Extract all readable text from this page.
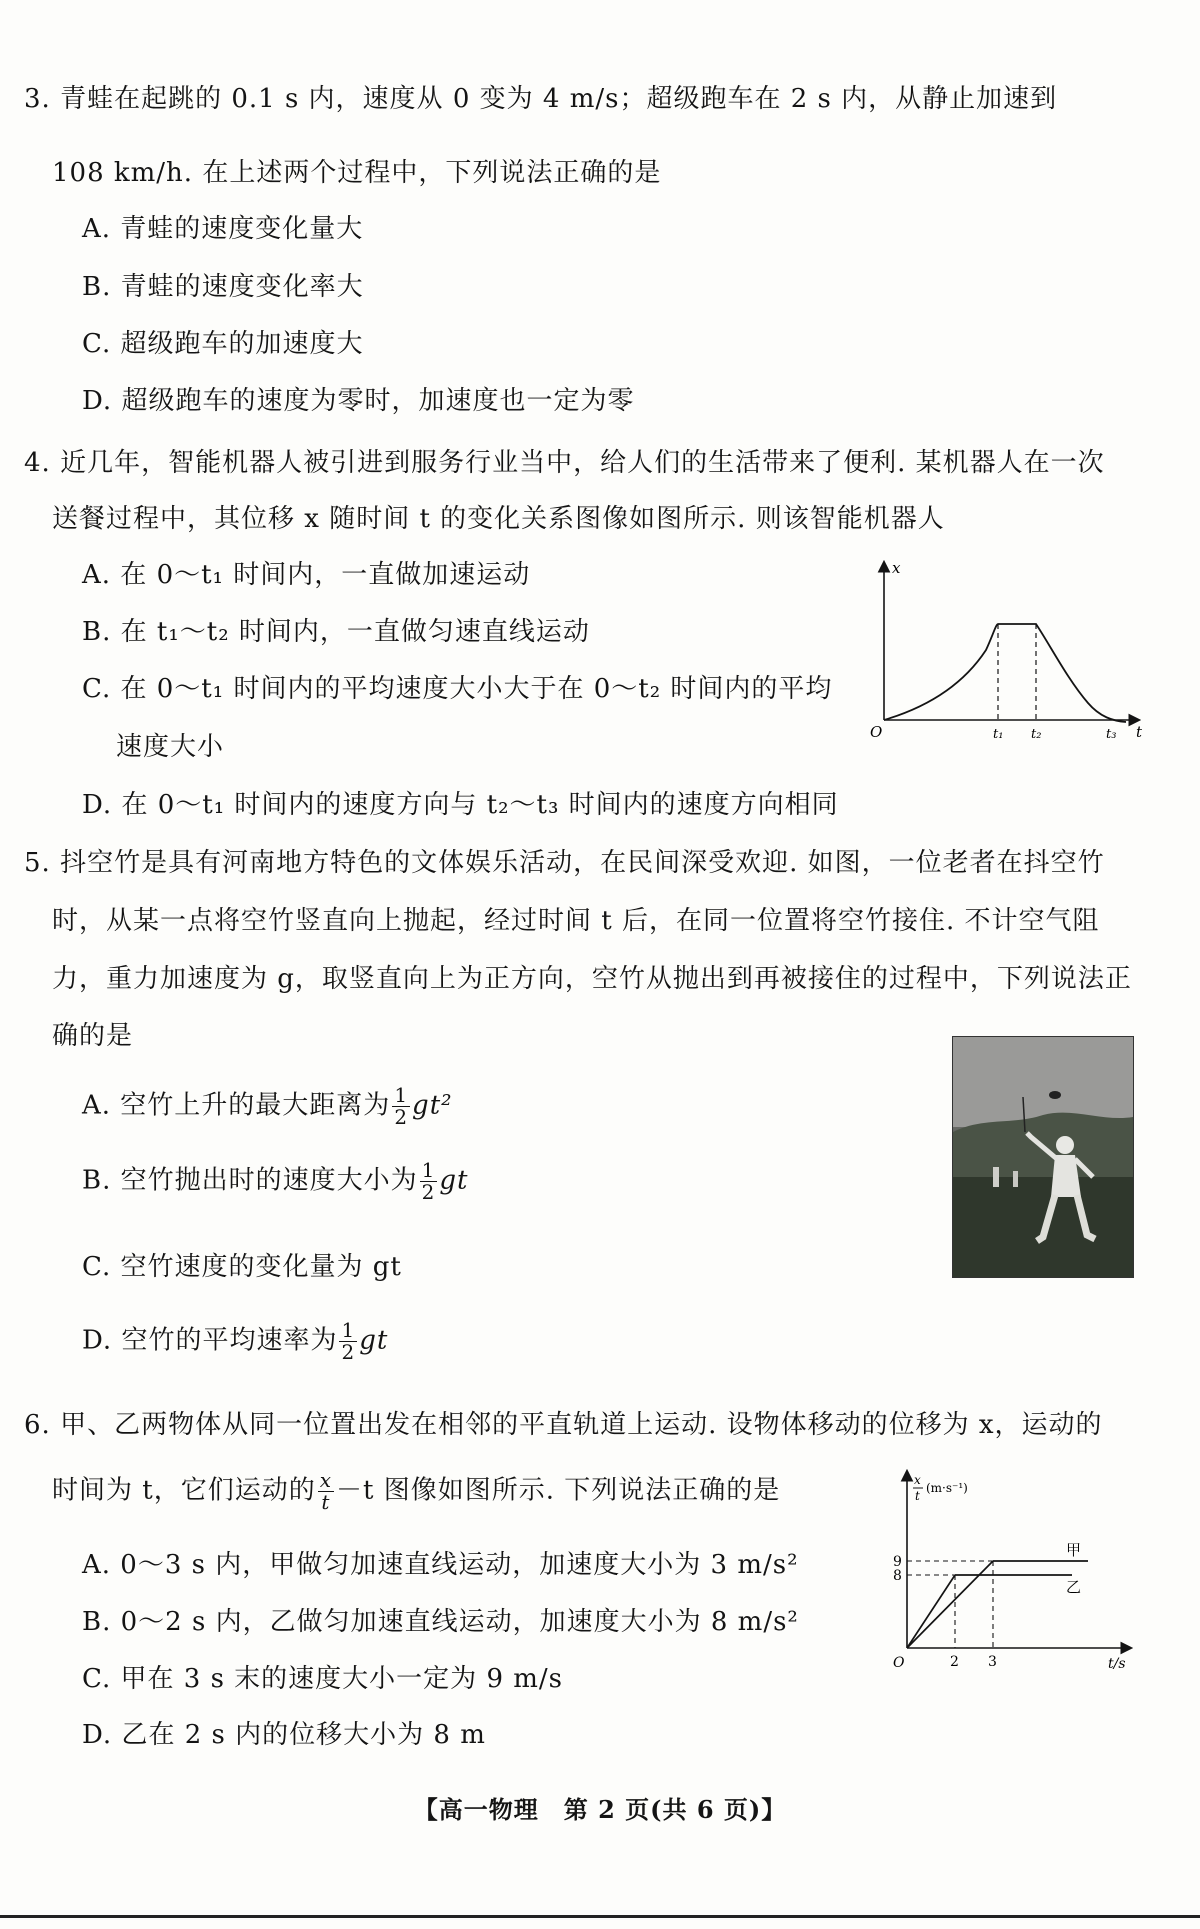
3. 青蛙在起跳的 0.1 s 内，速度从 0 变为 4 m/s；超级跑车在 2 s 内，从静止加速到
108 km/h. 在上述两个过程中，下列说法正确的是
A. 青蛙的速度变化量大
B. 青蛙的速度变化率大
C. 超级跑车的加速度大
D. 超级跑车的速度为零时，加速度也一定为零
4. 近几年，智能机器人被引进到服务行业当中，给人们的生活带来了便利. 某机器人在一次
送餐过程中，其位移 x 随时间 t 的变化关系图像如图所示. 则该智能机器人
A. 在 0～t₁ 时间内，一直做加速运动
B. 在 t₁～t₂ 时间内，一直做匀速直线运动
C. 在 0～t₁ 时间内的平均速度大小大于在 0～t₂ 时间内的平均
速度大小
D. 在 0～t₁ 时间内的速度方向与 t₂～t₃ 时间内的速度方向相同
x
t
O	t₁ t₂	t₃
5. 抖空竹是具有河南地方特色的文体娱乐活动，在民间深受欢迎. 如图，一位老者在抖空竹
时，从某一点将空竹竖直向上抛起，经过时间 t 后，在同一位置将空竹接住. 不计空气阻
力，重力加速度为 g，取竖直向上为正方向，空竹从抛出到再被接住的过程中，下列说法正
确的是
A. 空竹上升的最大距离为 $\frac{1}{2} gt^2$
B. 空竹抛出时的速度大小为 $\frac{1}{2}$ gt
C. 空竹速度的变化量为 gt
D. 空竹的平均速率为 $\frac{1}{2}$ gt
6. 甲、乙两物体从同一位置出发在相邻的平直轨道上运动. 设物体移动的位移为 x，运动的
时间为 t，它们运动的 $\frac{x}{t} -t$ 图像如图所示. 下列说法正确的是
A. 0～3 s 内，甲做匀加速直线运动，加速度大小为 3 m/s²
B. 0～2 s 内，乙做匀加速直线运动，加速度大小为 8 m/s²
C. 甲在 3 s 末的速度大小一定为 9 m/s
D. 乙在 2 s 内的位移大小为 8 m
x
t
(m·s⁻¹)
t/s
O
9
8
2 3
甲
乙
【高一物理　第 2 页(共 6 页)】
